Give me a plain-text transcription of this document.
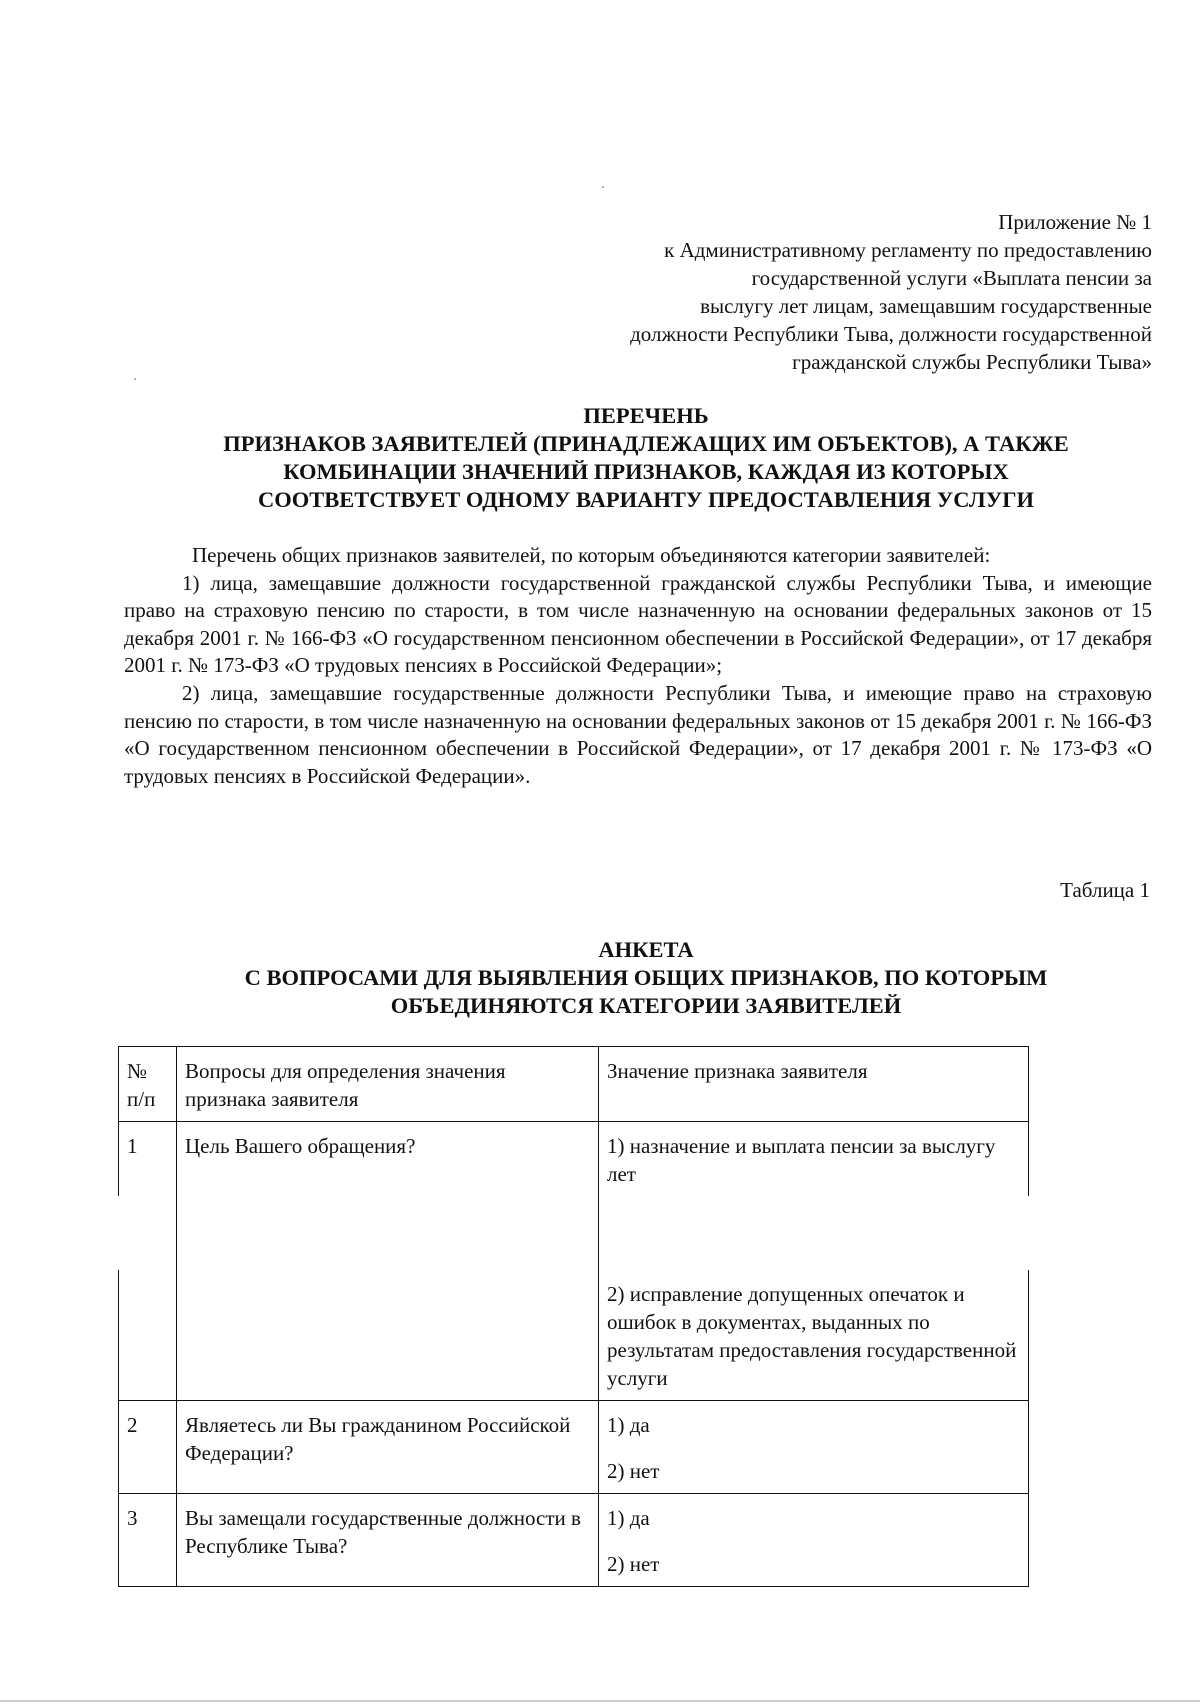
Приложение № 1
к Административному регламенту по предоставлению
государственной услуги «Выплата пенсии за
выслугу лет лицам, замещавшим государственные
должности Республики Тыва, должности государственной
гражданской службы Республики Тыва»
ПЕРЕЧЕНЬ
ПРИЗНАКОВ ЗАЯВИТЕЛЕЙ (ПРИНАДЛЕЖАЩИХ ИМ ОБЪЕКТОВ), А ТАКЖЕ
КОМБИНАЦИИ ЗНАЧЕНИЙ ПРИЗНАКОВ, КАЖДАЯ ИЗ КОТОРЫХ
СООТВЕТСТВУЕТ ОДНОМУ ВАРИАНТУ ПРЕДОСТАВЛЕНИЯ УСЛУГИ

Перечень общих признаков заявителей, по которым объединяются категории заявителей:

1) лица, замещавшие должности государственной гражданской службы Республики Тыва, и имеющие право на страховую пенсию по старости, в том числе назначенную на основании федеральных законов от 15 декабря 2001 г. № 166-ФЗ «О государственном пенсионном обеспечении в Российской Федерации», от 17 декабря 2001 г. № 173-ФЗ «О трудовых пенсиях в Российской Федерации»;

2) лица, замещавшие государственные должности Республики Тыва, и имеющие право на страховую пенсию по старости, в том числе назначенную на основании федеральных законов от 15 декабря 2001 г. № 166-ФЗ «О государственном пенсионном обеспечении в Российской Федерации», от 17 декабря 2001 г. № 173-ФЗ «О трудовых пенсиях в Российской Федерации».

Таблица 1
АНКЕТА
С ВОПРОСАМИ ДЛЯ ВЫЯВЛЕНИЯ ОБЩИХ ПРИЗНАКОВ, ПО КОТОРЫМ
ОБЪЕДИНЯЮТСЯ КАТЕГОРИИ ЗАЯВИТЕЛЕЙ
№
п/п	Вопросы для определения значения признака заявителя	Значение признака заявителя
1	Цель Вашего обращения?	1) назначение и выплата пенсии за выслугу лет

		2) исправление допущенных опечаток и ошибок в документах, выданных по результатам предоставления государственной услуги
2	Являетесь ли Вы гражданином Российской Федерации?	1) да
2) нет

3	Вы замещали государственные должности в Республике Тыва?	1) да
2) нет
